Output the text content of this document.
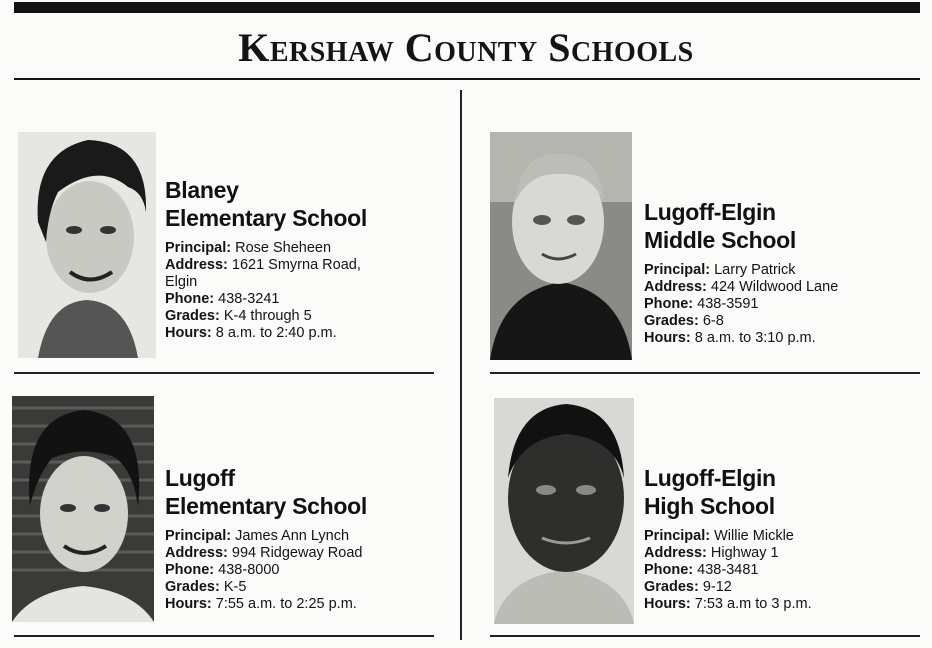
Kershaw County Schools
Blaney
Elementary School
Principal: Rose Sheheen
Address: 1621 Smyrna Road,
Elgin
Phone: 438-3241
Grades: K-4 through 5
Hours: 8 a.m. to 2:40 p.m.
Lugoff-Elgin
Middle School
Principal: Larry Patrick
Address: 424 Wildwood Lane
Phone: 438-3591
Grades: 6-8
Hours: 8 a.m. to 3:10 p.m.
Lugoff
Elementary School
Principal: James Ann Lynch
Address: 994 Ridgeway Road
Phone: 438-8000
Grades: K-5
Hours: 7:55 a.m. to 2:25 p.m.
Lugoff-Elgin
High School
Principal: Willie Mickle
Address: Highway 1
Phone: 438-3481
Grades: 9-12
Hours: 7:53 a.m to 3 p.m.
